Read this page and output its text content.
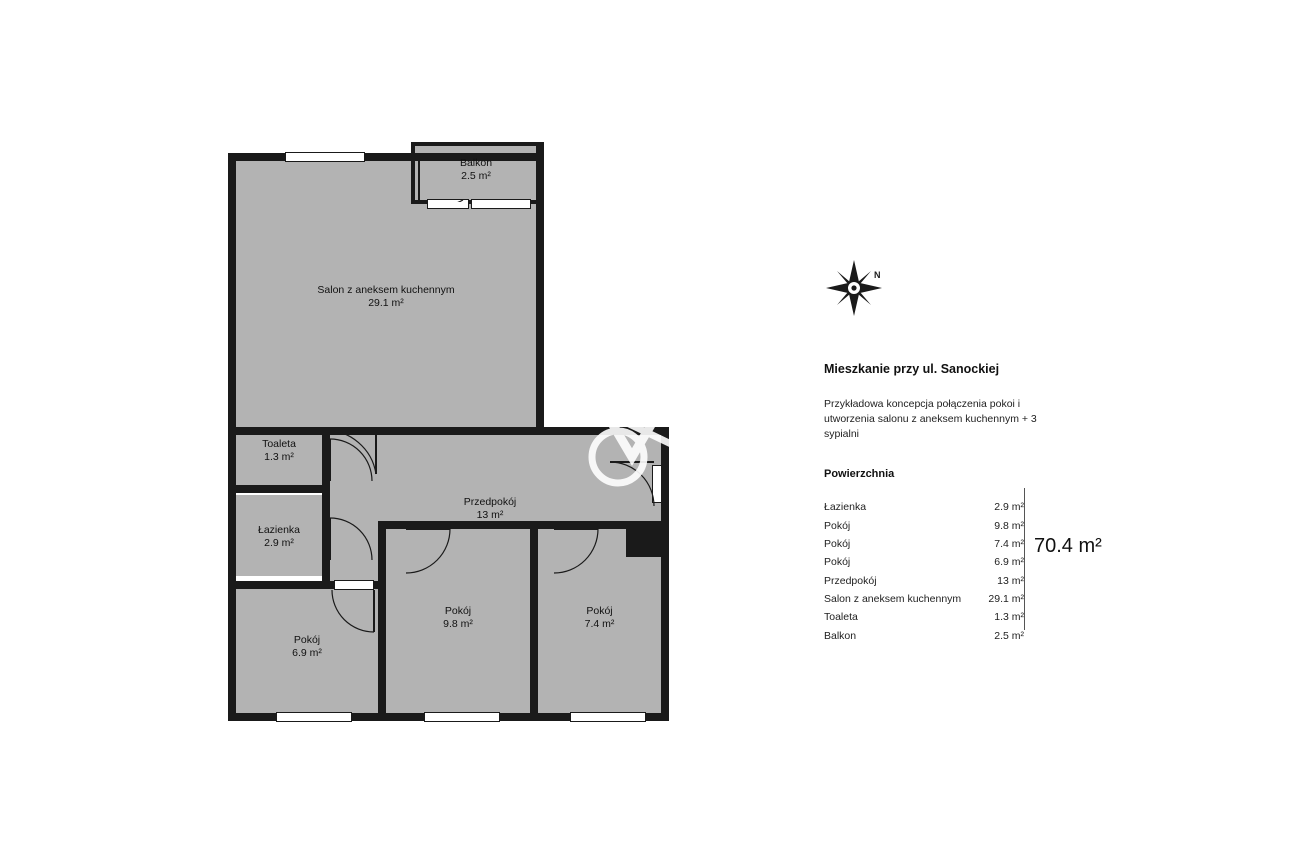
Balkon
2.5 m²
Salon z aneksem kuchennym
29.1 m²
Toaleta
1.3 m²
Łazienka
2.9 m²
Przedpokój
13 m²
Pokój
6.9 m²
Pokój
9.8 m²
Pokój
7.4 m²
N
Mieszkanie przy ul. Sanockiej
Przykładowa koncepcja połączenia pokoi i utworzenia salonu z aneksem kuchennym + 3 sypialni
Powierzchnia
Łazienka	2.9 m²
Pokój	9.8 m²
Pokój	7.4 m²
Pokój	6.9 m²
Przedpokój	13 m²
Salon z aneksem kuchennym	29.1 m²
Toaleta	1.3 m²
Balkon	2.5 m²
70.4 m²
